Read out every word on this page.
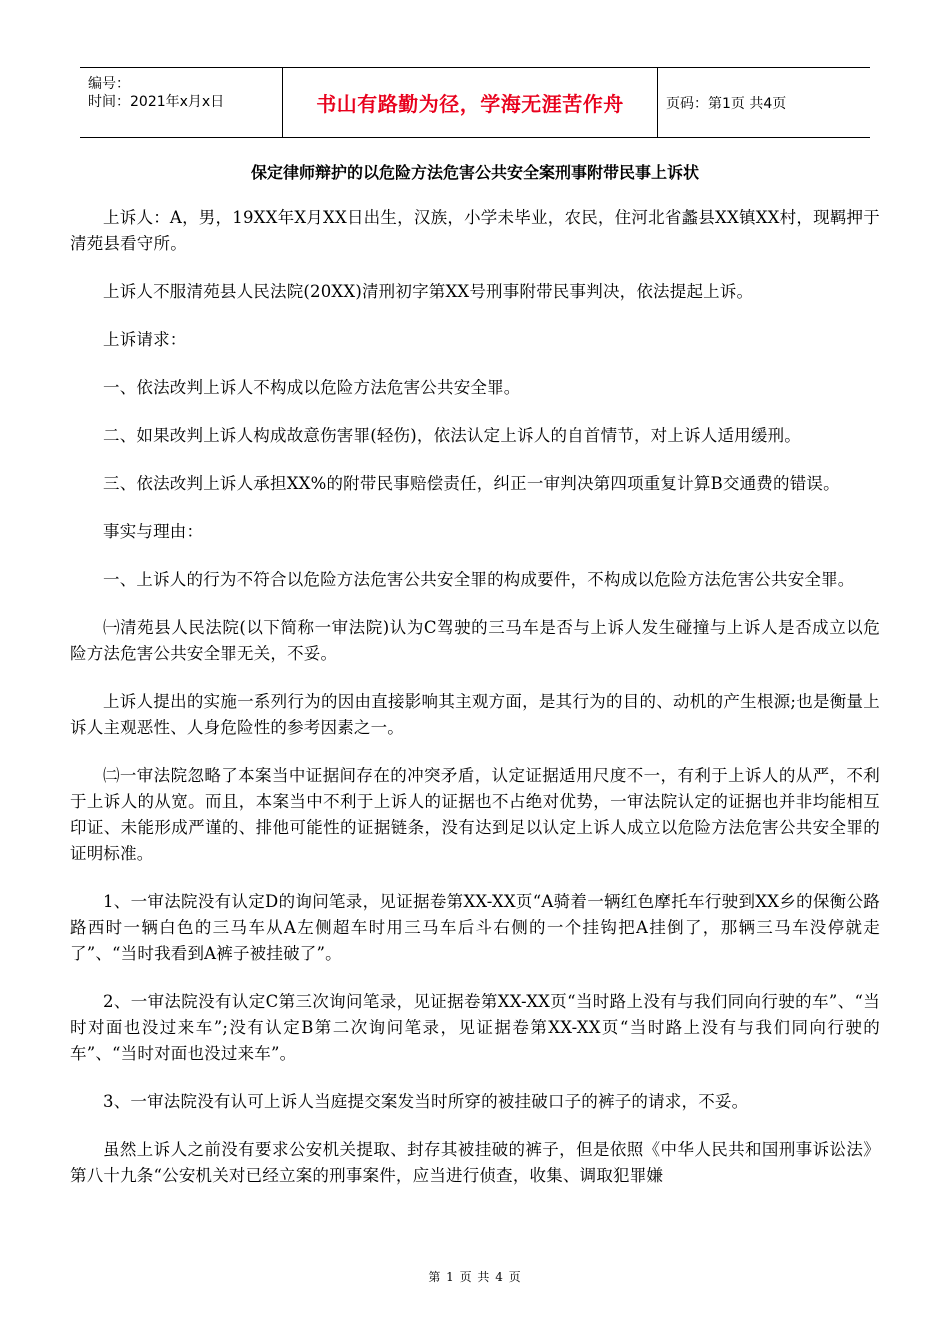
编号：
时间：2021年x月x日	书山有路勤为径，学海无涯苦作舟	页码：第1页 共4页
保定律师辩护的以危险方法危害公共安全案刑事附带民事上诉状

上诉人：A，男，19XX年X月XX日出生，汉族，小学未毕业，农民，住河北省蠡县XX镇XX村，现羁押于清苑县看守所。

上诉人不服清苑县人民法院(20XX)清刑初字第XX号刑事附带民事判决，依法提起上诉。

上诉请求：

一、依法改判上诉人不构成以危险方法危害公共安全罪。

二、如果改判上诉人构成故意伤害罪(轻伤)，依法认定上诉人的自首情节，对上诉人适用缓刑。

三、依法改判上诉人承担XX%的附带民事赔偿责任，纠正一审判决第四项重复计算B交通费的错误。

事实与理由：

一、上诉人的行为不符合以危险方法危害公共安全罪的构成要件，不构成以危险方法危害公共安全罪。

㈠清苑县人民法院(以下简称一审法院)认为C驾驶的三马车是否与上诉人发生碰撞与上诉人是否成立以危险方法危害公共安全罪无关，不妥。

上诉人提出的实施一系列行为的因由直接影响其主观方面，是其行为的目的、动机的产生根源;也是衡量上诉人主观恶性、人身危险性的参考因素之一。

㈡一审法院忽略了本案当中证据间存在的冲突矛盾，认定证据适用尺度不一，有利于上诉人的从严，不利于上诉人的从宽。而且，本案当中不利于上诉人的证据也不占绝对优势，一审法院认定的证据也并非均能相互印证、未能形成严谨的、排他可能性的证据链条，没有达到足以认定上诉人成立以危险方法危害公共安全罪的证明标准。

1、一审法院没有认定D的询问笔录，见证据卷第XX-XX页“A骑着一辆红色摩托车行驶到XX乡的保衡公路路西时一辆白色的三马车从A左侧超车时用三马车后斗右侧的一个挂钩把A挂倒了，那辆三马车没停就走了”、“当时我看到A裤子被挂破了”。

2、一审法院没有认定C第三次询问笔录，见证据卷第XX-XX页“当时路上没有与我们同向行驶的车”、“当时对面也没过来车”;没有认定B第二次询问笔录，见证据卷第XX-XX页“当时路上没有与我们同向行驶的车”、“当时对面也没过来车”。

3、一审法院没有认可上诉人当庭提交案发当时所穿的被挂破口子的裤子的请求，不妥。

虽然上诉人之前没有要求公安机关提取、封存其被挂破的裤子，但是依照《中华人民共和国刑事诉讼法》第八十九条“公安机关对已经立案的刑事案件，应当进行侦查，收集、调取犯罪嫌

第 1 页 共 4 页
